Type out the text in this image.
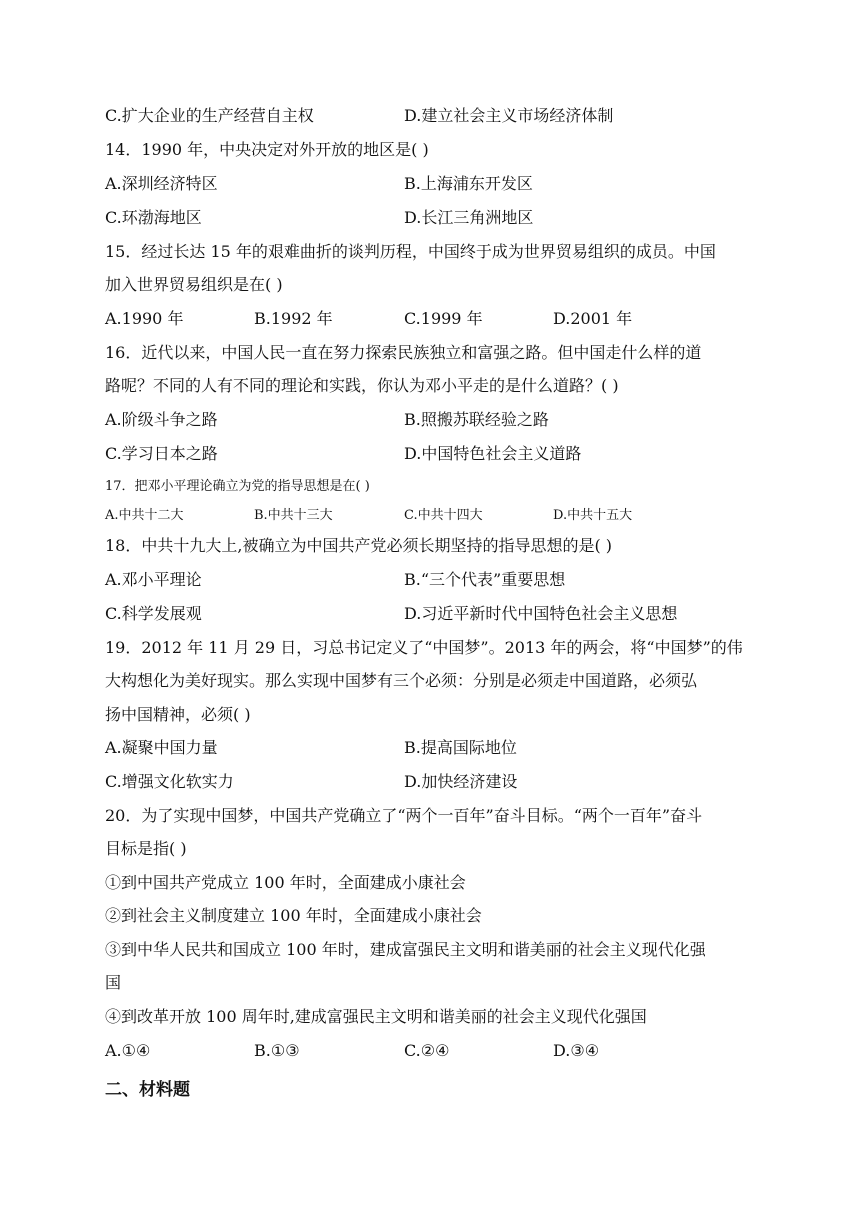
C.扩大企业的生产经营自主权	D.建立社会主义市场经济体制
14．1990 年，中央决定对外开放的地区是( )
A.深圳经济特区	B.上海浦东开发区
C.环渤海地区	D.长江三角洲地区
15．经过长达 15 年的艰难曲折的谈判历程，中国终于成为世界贸易组织的成员。中国
加入世界贸易组织是在( )
A.1990 年	B.1992 年	C.1999 年	D.2001 年
16．近代以来，中国人民一直在努力探索民族独立和富强之路。但中国走什么样的道
路呢？不同的人有不同的理论和实践，你认为邓小平走的是什么道路？( )
A.阶级斗争之路	B.照搬苏联经验之路
C.学习日本之路	D.中国特色社会主义道路
17．把邓小平理论确立为党的指导思想是在( )
A.中共十二大	B.中共十三大	C.中共十四大	D.中共十五大
18．中共十九大上,被确立为中国共产党必须长期坚持的指导思想的是( )
A.邓小平理论	B.“三个代表”重要思想
C.科学发展观	D.习近平新时代中国特色社会主义思想
19．2012 年 11 月 29 日，习总书记定义了“中国梦”。2013 年的两会，将“中国梦”的伟
大构想化为美好现实。那么实现中国梦有三个必须：分别是必须走中国道路，必须弘
扬中国精神，必须( )
A.凝聚中国力量	B.提高国际地位
C.增强文化软实力	D.加快经济建设
20．为了实现中国梦，中国共产党确立了“两个一百年”奋斗目标。“两个一百年”奋斗
目标是指( )
①到中国共产党成立 100 年时，全面建成小康社会
②到社会主义制度建立 100 年时，全面建成小康社会
③到中华人民共和国成立 100 年时，建成富强民主文明和谐美丽的社会主义现代化强
国
④到改革开放 100 周年时,建成富强民主文明和谐美丽的社会主义现代化强国
A.①④	B.①③	C.②④	D.③④
二、材料题
